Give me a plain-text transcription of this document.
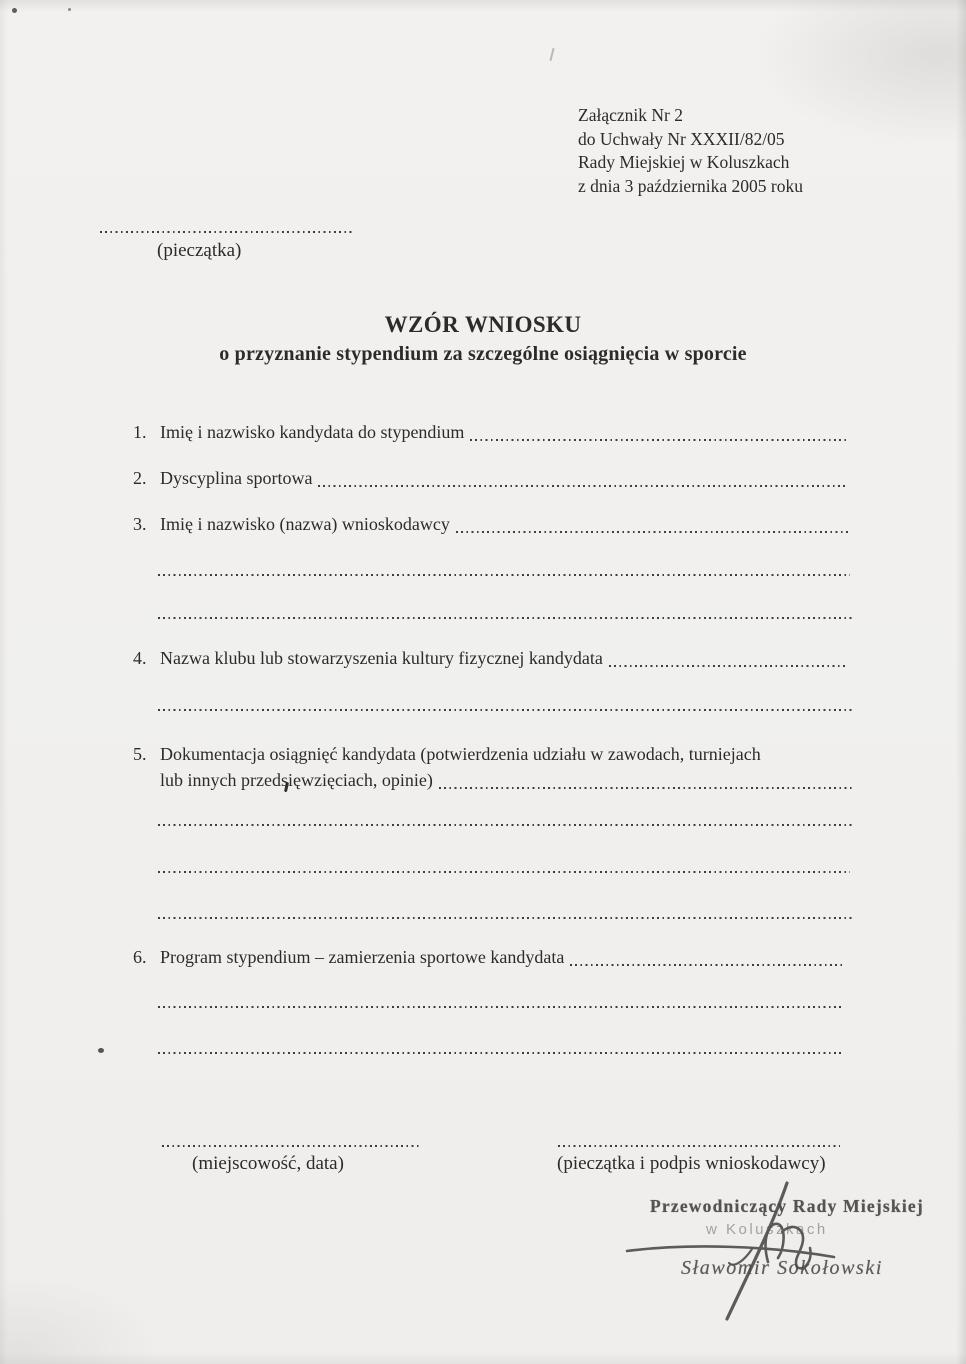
Załącznik Nr 2
do Uchwały Nr XXXII/82/05
Rady Miejskiej w Koluszkach
z dnia 3 października 2005 roku
(pieczątka)
WZÓR WNIOSKU
o przyznanie stypendium za szczególne osiągnięcia w sporcie
1. Imię i nazwisko kandydata do stypendium
2. Dyscyplina sportowa
3. Imię i nazwisko (nazwa) wnioskodawcy
4. Nazwa klubu lub stowarzyszenia kultury fizycznej kandydata
5. Dokumentacja osiągnięć kandydata (potwierdzenia udziału w zawodach, turniejach
lub innych przedsięwzięciach, opinie)
6. Program stypendium – zamierzenia sportowe kandydata
(miejscowość, data)	(pieczątka i podpis wnioskodawcy)
Przewodniczący Rady Miejskiej
w Koluszkach
Sławomir Sokołowski
